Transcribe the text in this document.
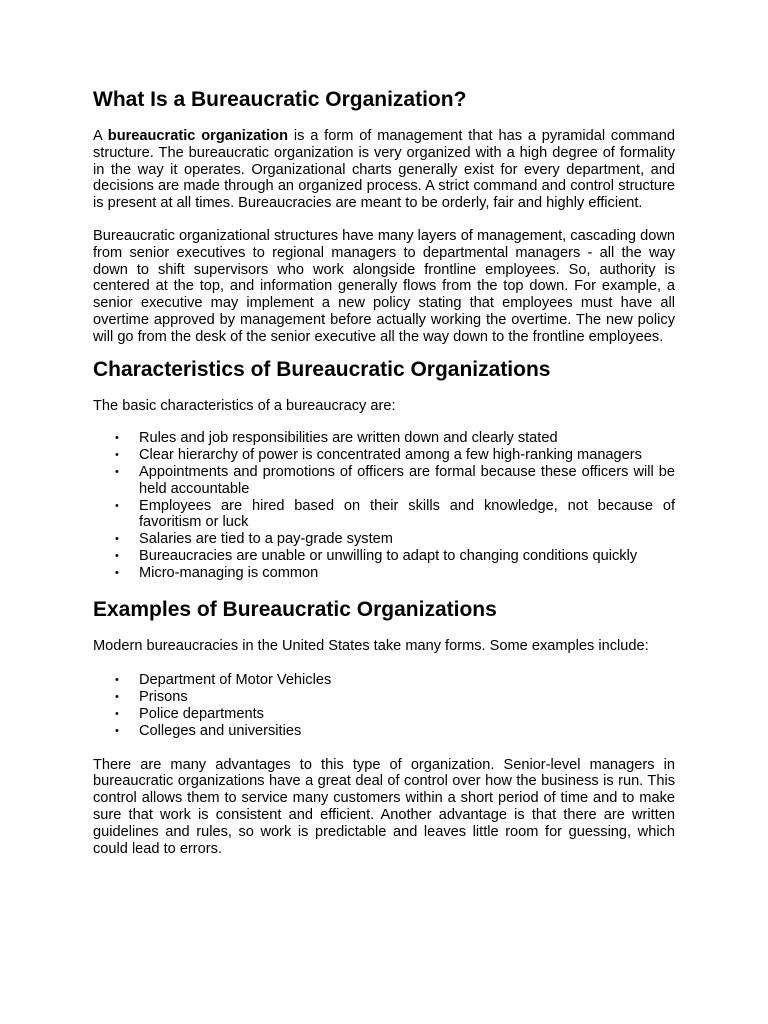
What Is a Bureaucratic Organization?

A bureaucratic organization is a form of management that has a pyramidal command structure. The bureaucratic organization is very organized with a high degree of formality in the way it operates. Organizational charts generally exist for every department, and decisions are made through an organized process. A strict command and control structure is present at all times. Bureaucracies are meant to be orderly, fair and highly efficient.

Bureaucratic organizational structures have many layers of management, cascading down from senior executives to regional managers to departmental managers - all the way down to shift supervisors who work alongside frontline employees. So, authority is centered at the top, and information generally flows from the top down. For example, a senior executive may implement a new policy stating that employees must have all overtime approved by management before actually working the overtime. The new policy will go from the desk of the senior executive all the way down to the frontline employees.

Characteristics of Bureaucratic Organizations

The basic characteristics of a bureaucracy are:

• Rules and job responsibilities are written down and clearly stated
• Clear hierarchy of power is concentrated among a few high-ranking managers
• Appointments and promotions of officers are formal because these officers will be held accountable
• Employees are hired based on their skills and knowledge, not because of favoritism or luck
• Salaries are tied to a pay-grade system
• Bureaucracies are unable or unwilling to adapt to changing conditions quickly
• Micro-managing is common
Examples of Bureaucratic Organizations

Modern bureaucracies in the United States take many forms. Some examples include:

• Department of Motor Vehicles
• Prisons
• Police departments
• Colleges and universities

There are many advantages to this type of organization. Senior-level managers in bureaucratic organizations have a great deal of control over how the business is run. This control allows them to service many customers within a short period of time and to make sure that work is consistent and efficient. Another advantage is that there are written guidelines and rules, so work is predictable and leaves little room for guessing, which could lead to errors.
